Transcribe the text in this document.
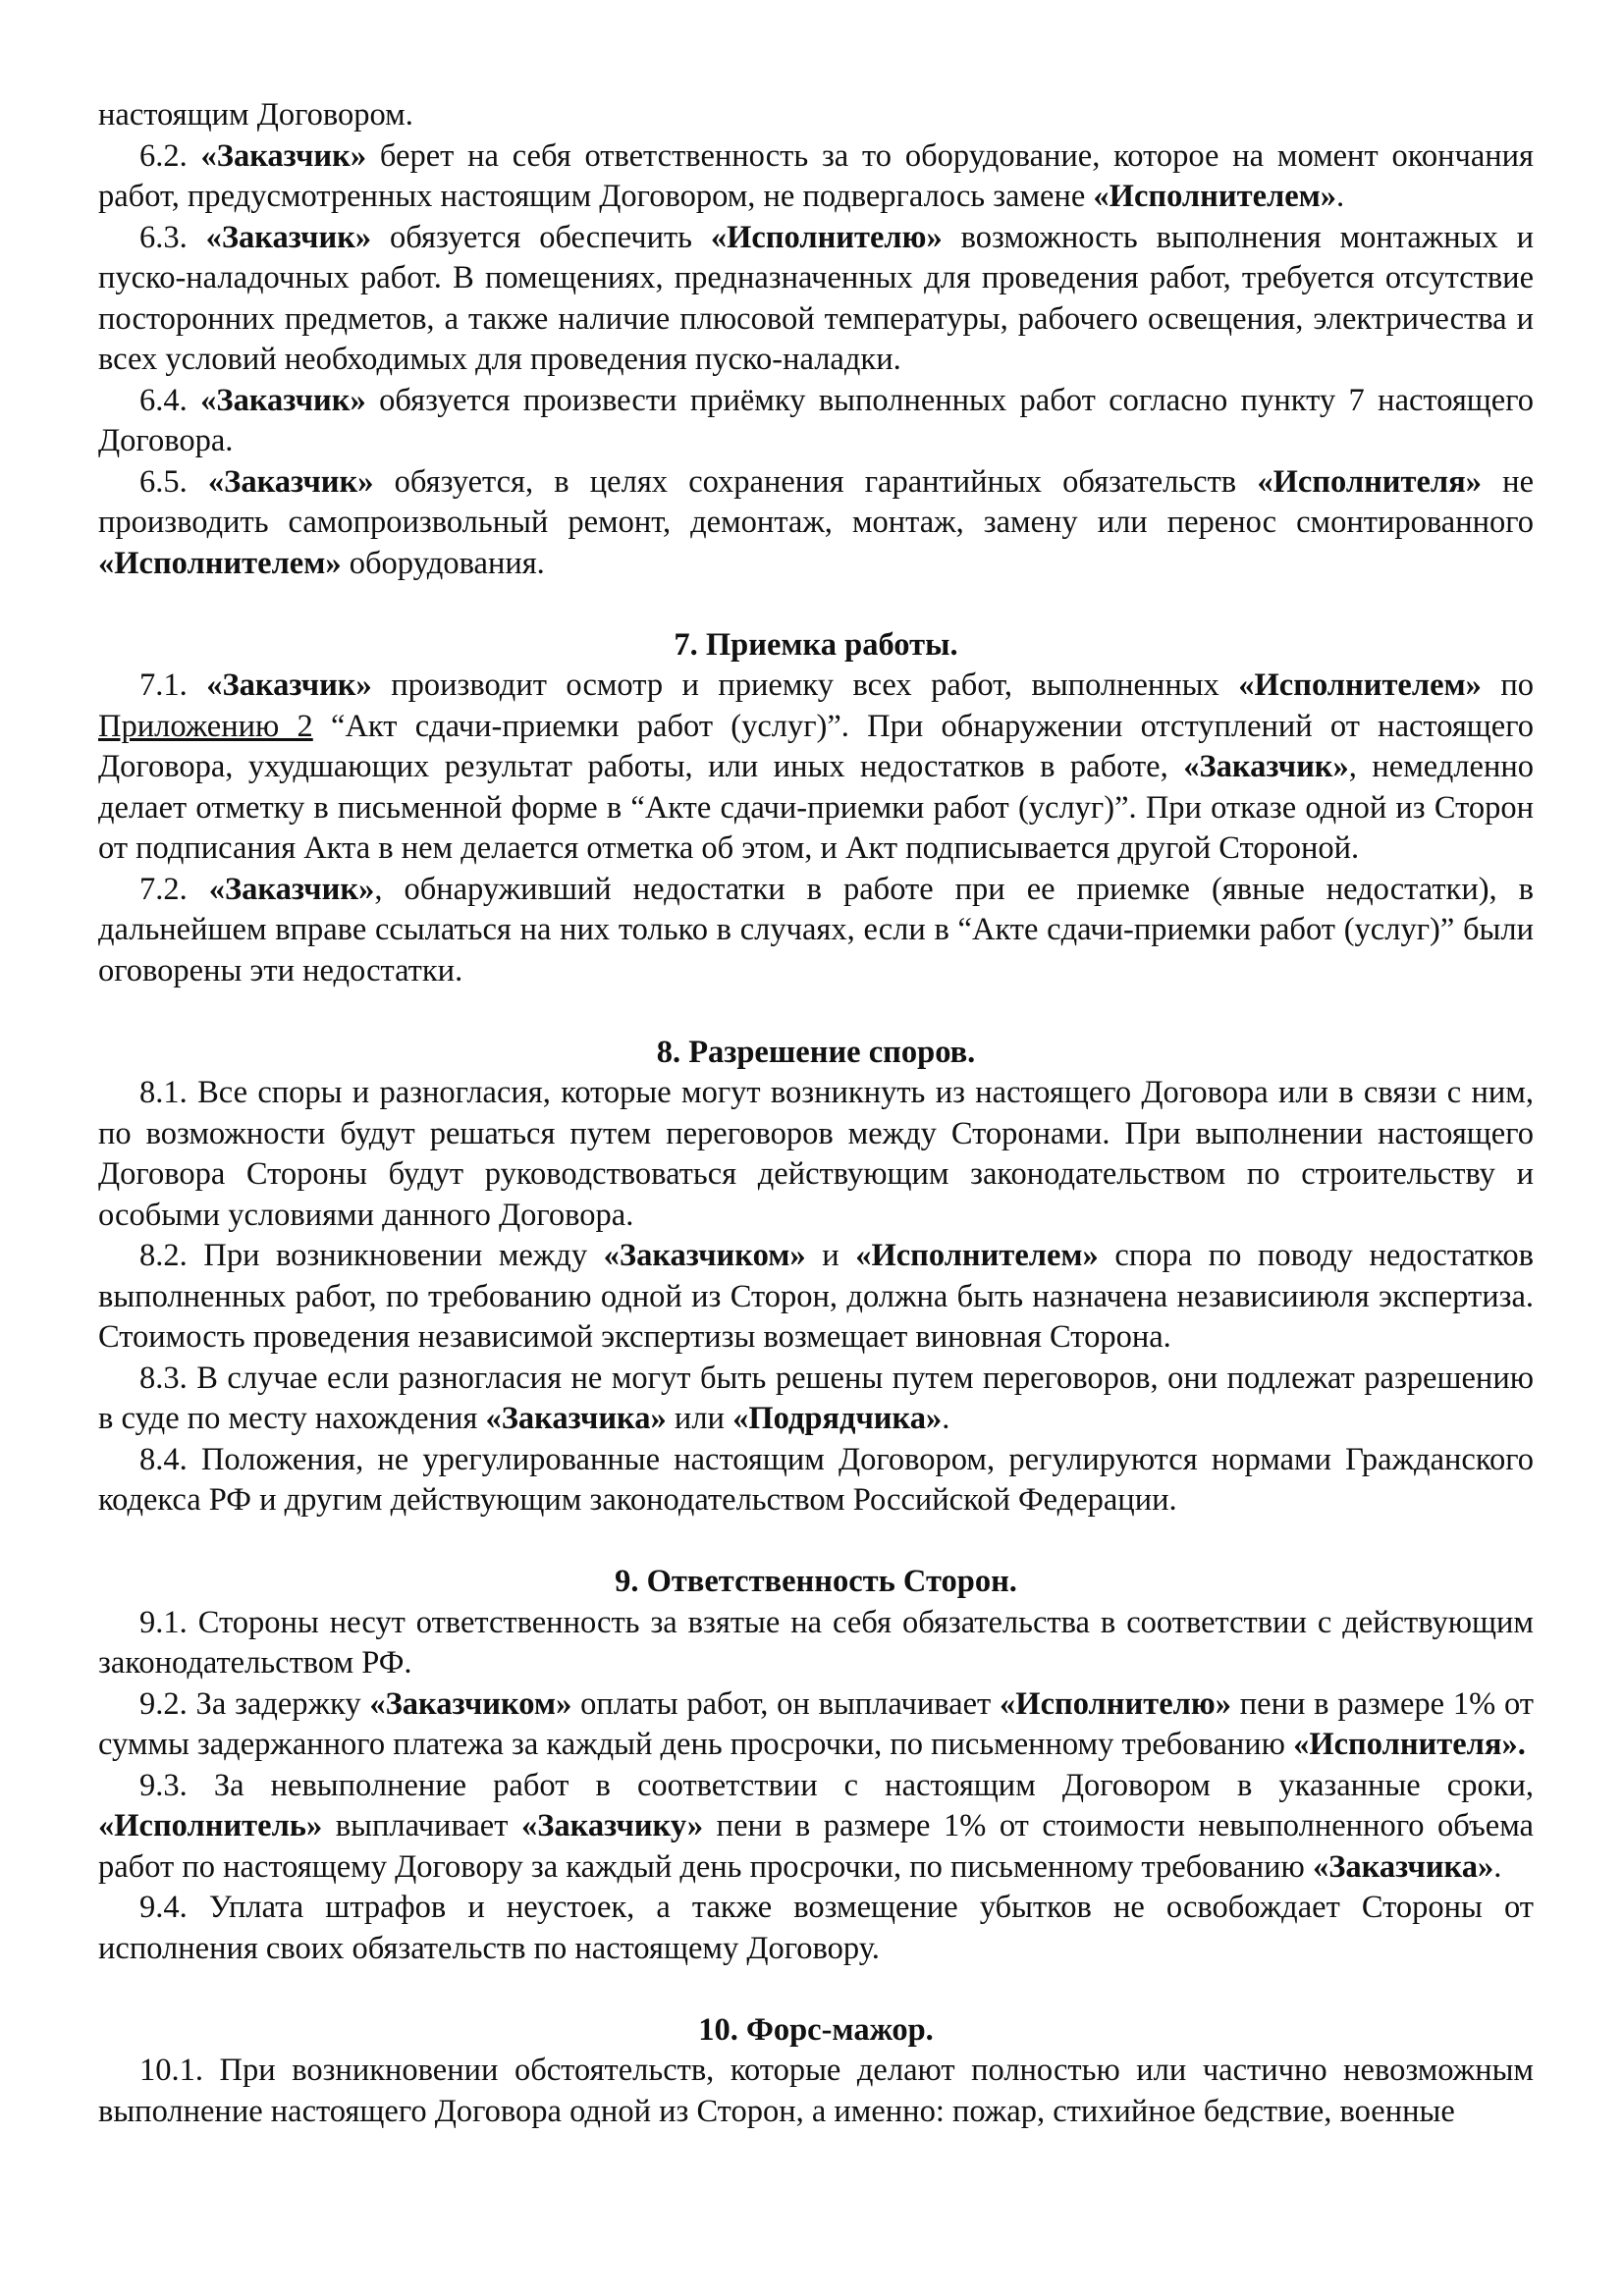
настоящим Договором.

6.2. «Заказчик» берет на себя ответственность за то оборудование, которое на момент окончания работ, предусмотренных настоящим Договором, не подвергалось замене «Исполнителем».

6.3. «Заказчик» обязуется обеспечить «Исполнителю» возможность выполнения монтажных и пуско-наладочных работ. В помещениях, предназначенных для проведения работ, требуется отсутствие посторонних предметов, а также наличие плюсовой температуры, рабочего освещения, электричества и всех условий необходимых для проведения пуско-наладки.

6.4. «Заказчик» обязуется произвести приёмку выполненных работ согласно пункту 7 настоящего Договора.

6.5. «Заказчик» обязуется, в целях сохранения гарантийных обязательств «Исполнителя» не производить самопроизвольный ремонт, демонтаж, монтаж, замену или перенос смонтированного «Исполнителем» оборудования.

7. Приемка работы.

7.1. «Заказчик» производит осмотр и приемку всех работ, выполненных «Исполнителем» по Приложению 2 “Акт сдачи-приемки работ (услуг)”. При обнаружении отступлений от настоящего Договора, ухудшающих результат работы, или иных недостатков в работе, «Заказчик», немедленно делает отметку в письменной форме в “Акте сдачи-приемки работ (услуг)”. При отказе одной из Сторон от подписания Акта в нем делается отметка об этом, и Акт подписывается другой Стороной.

7.2. «Заказчик», обнаруживший недостатки в работе при ее приемке (явные недостатки), в дальнейшем вправе ссылаться на них только в случаях, если в “Акте сдачи-приемки работ (услуг)” были оговорены эти недостатки.

8. Разрешение споров.

8.1. Все споры и разногласия, которые могут возникнуть из настоящего Договора или в связи с ним, по возможности будут решаться путем переговоров между Сторонами. При выполнении настоящего Договора Стороны будут руководствоваться действующим законодательством по строительству и особыми условиями данного Договора.

8.2. При возникновении между «Заказчиком» и «Исполнителем» спора по поводу недостатков выполненных работ, по требованию одной из Сторон, должна быть назначена независииюля экспертиза. Стоимость проведения независимой экспертизы возмещает виновная Сторона.

8.3. В случае если разногласия не могут быть решены путем переговоров, они подлежат разрешению в суде по месту нахождения «Заказчика» или «Подрядчика».

8.4. Положения, не урегулированные настоящим Договором, регулируются нормами Гражданского кодекса РФ и другим действующим законодательством Российской Федерации.

9. Ответственность Сторон.

9.1. Стороны несут ответственность за взятые на себя обязательства в соответствии с действующим законодательством РФ.

9.2. За задержку «Заказчиком» оплаты работ, он выплачивает «Исполнителю» пени в размере 1% от суммы задержанного платежа за каждый день просрочки, по письменному требованию «Исполнителя».

9.3. За невыполнение работ в соответствии с настоящим Договором в указанные сроки, «Исполнитель» выплачивает «Заказчику» пени в размере 1% от стоимости невыполненного объема работ по настоящему Договору за каждый день просрочки, по письменному требованию «Заказчика».

9.4. Уплата штрафов и неустоек, а также возмещение убытков не освобождает Стороны от исполнения своих обязательств по настоящему Договору.

10. Форс-мажор.

10.1. При возникновении обстоятельств, которые делают полностью или частично невозможным выполнение настоящего Договора одной из Сторон, а именно: пожар, стихийное бедствие, военные
